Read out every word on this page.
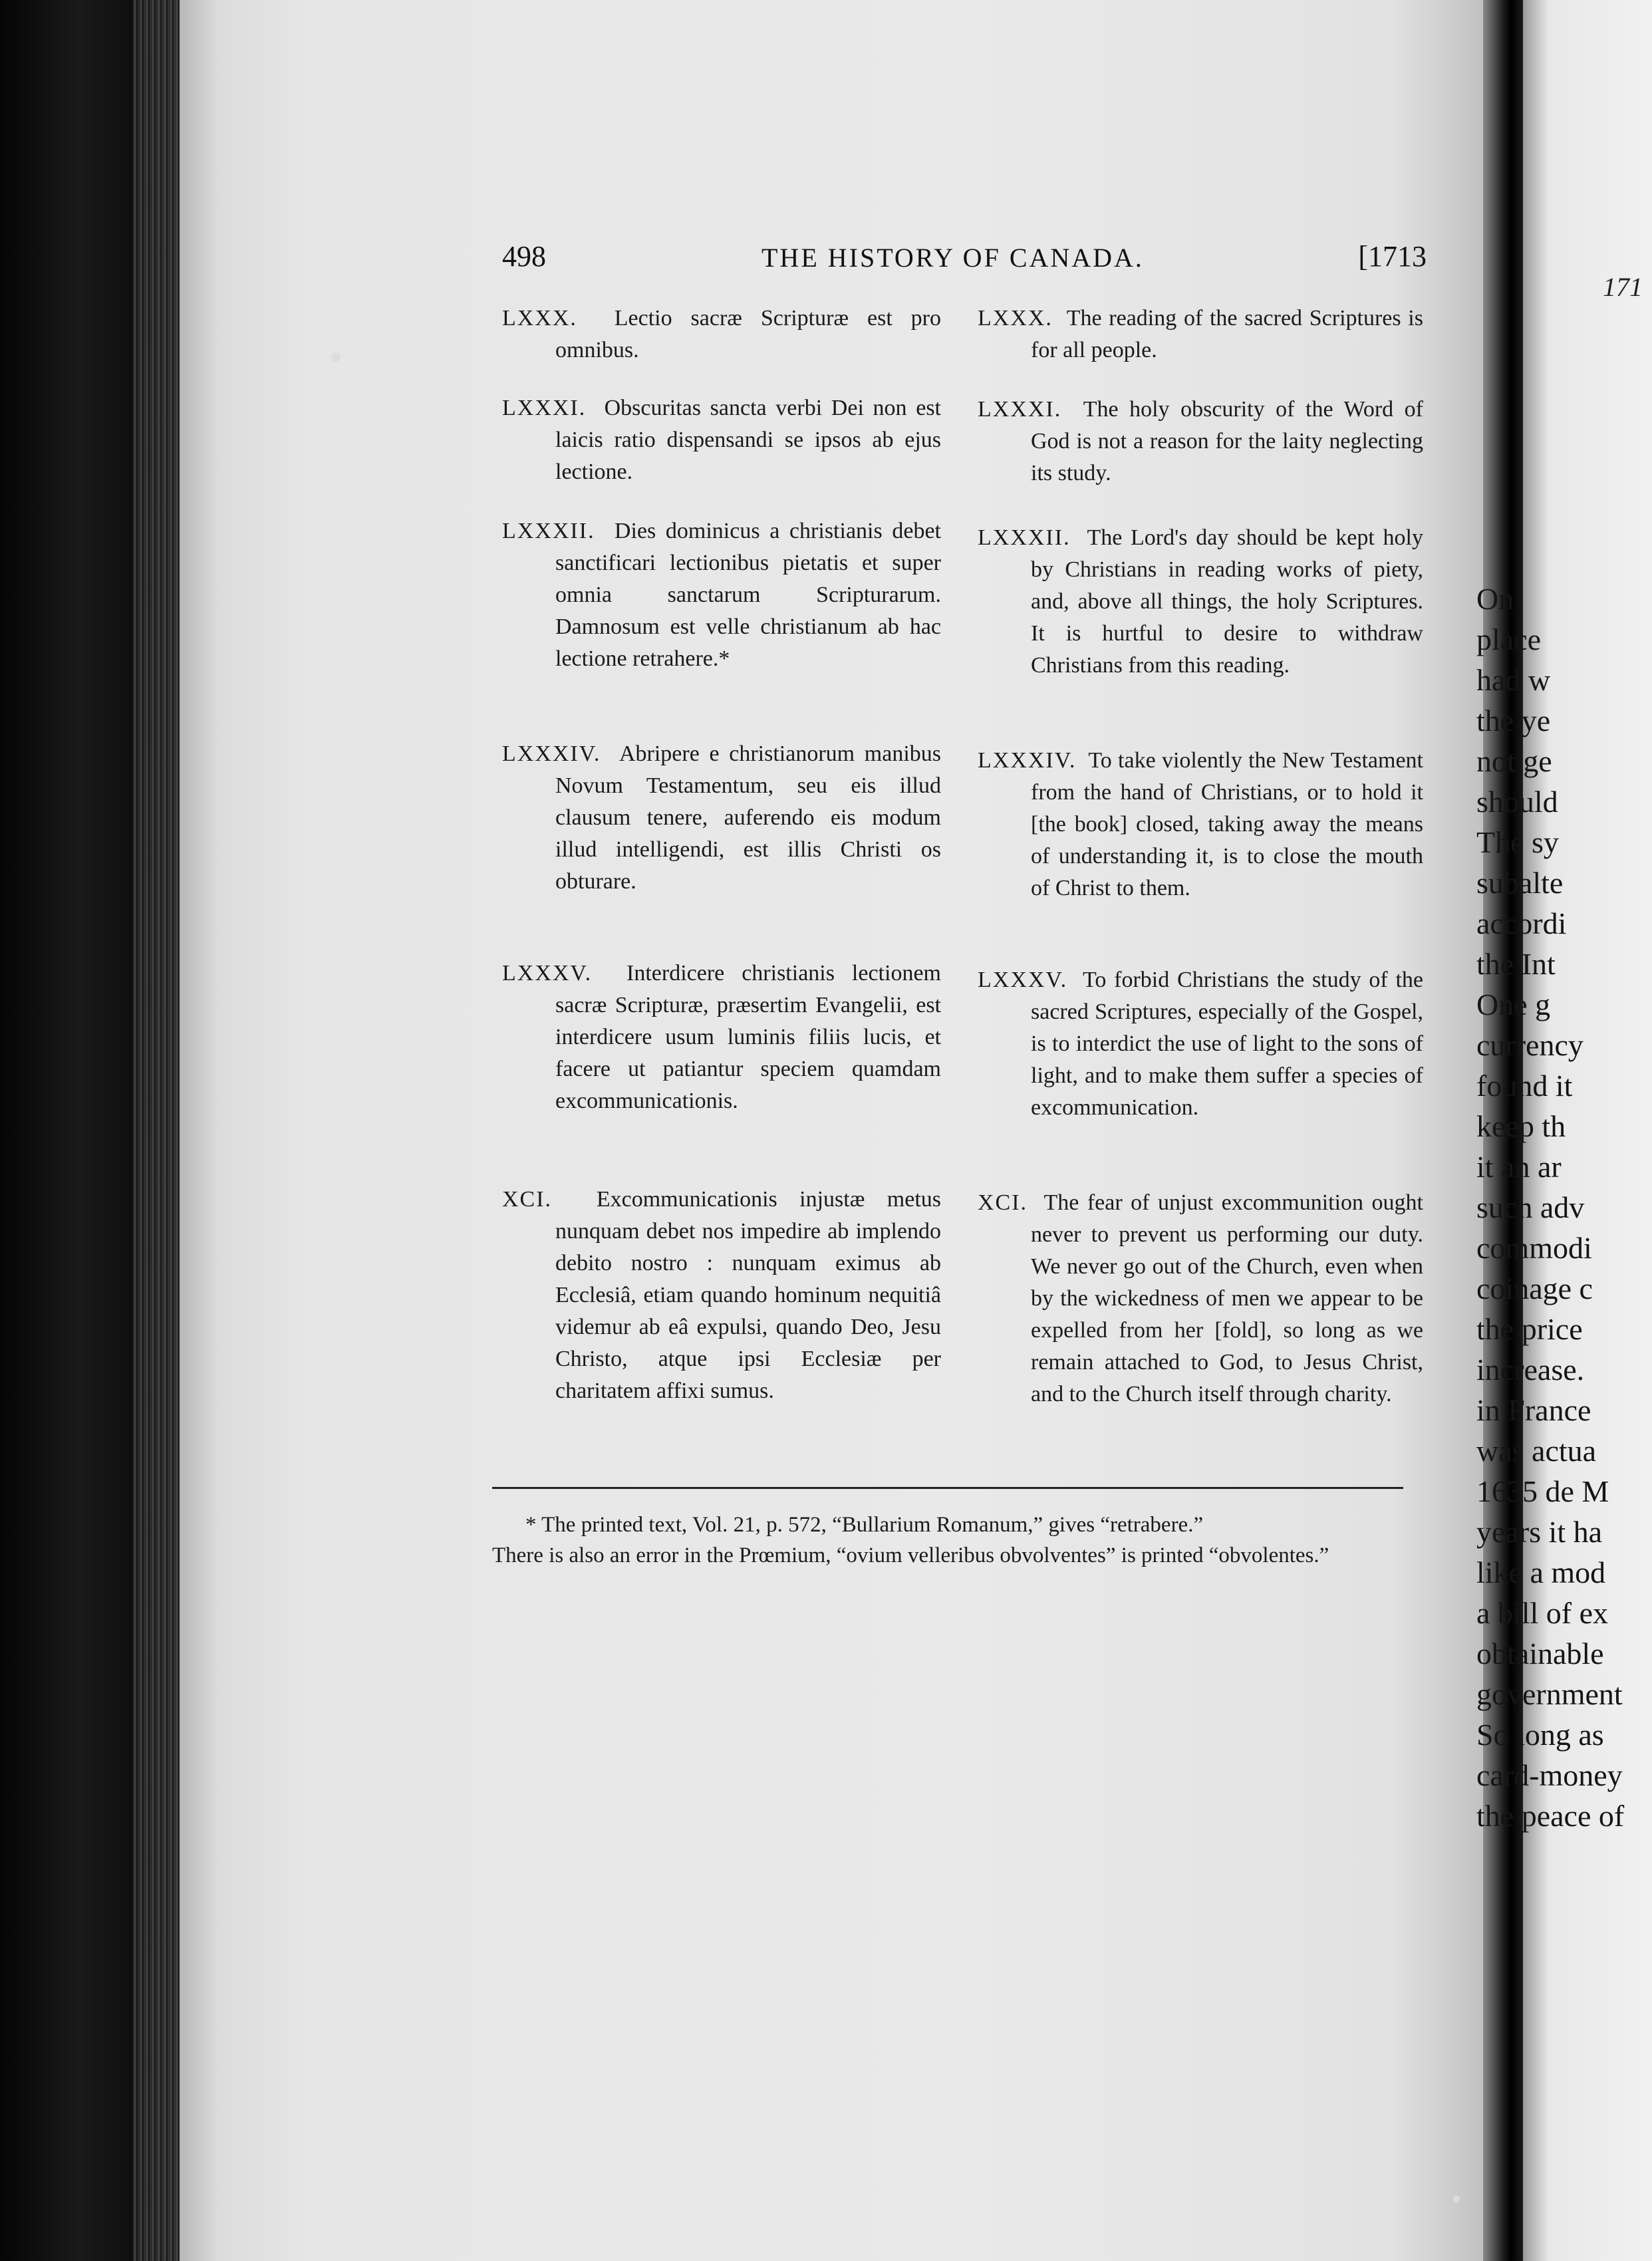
498	THE HISTORY OF CANADA.	[1713

LXXX. Lectio sacræ Scripturæ est pro omnibus.

LXXX. The reading of the sacred Scriptures is for all people.

LXXXI. Obscuritas sancta verbi Dei non est laicis ratio dispensandi se ipsos ab ejus lectione.

LXXXI. The holy obscurity of the Word of God is not a reason for the laity neglecting its study.

LXXXII. Dies dominicus a christianis debet sanctificari lectionibus pietatis et super omnia sanctarum Scripturarum. Damnosum est velle christianum ab hac lectione retrahere.*

LXXXII. The Lord's day should be kept holy by Christians in reading works of piety, and, above all things, the holy Scriptures. It is hurtful to desire to withdraw Christians from this reading.

LXXXIV. Abripere e christianorum manibus Novum Testamentum, seu eis illud clausum tenere, auferendo eis modum illud intelligendi, est illis Christi os obturare.

LXXXIV. To take violently the New Testament from the hand of Christians, or to hold it [the book] closed, taking away the means of understanding it, is to close the mouth of Christ to them.

LXXXV. Interdicere christianis lectionem sacræ Scripturæ, præsertim Evangelii, est interdicere usum luminis filiis lucis, et facere ut patiantur speciem quamdam excommunicationis.

LXXXV. To forbid Christians the study of the sacred Scriptures, especially of the Gospel, is to interdict the use of light to the sons of light, and to make them suffer a species of excommunication.

XCI. Excommunicationis injustæ metus nunquam debet nos impedire ab implendo debito nostro : nunquam eximus ab Ecclesiâ, etiam quando hominum nequitiâ videmur ab eâ expulsi, quando Deo, Jesu Christo, atque ipsi Ecclesiæ per charitatem affixi sumus.

XCI. The fear of unjust excommunition ought never to prevent us performing our duty. We never go out of the Church, even when by the wickedness of men we appear to be expelled from her [fold], so long as we remain attached to God, to Jesus Christ, and to the Church itself through charity.

* The printed text, Vol. 21, p. 572, “Bullarium Romanum,” gives “retrabere.”
There is also an error in the Prœmium, “ovium velleribus obvolventes” is printed “obvolentes.”
171
On
place
had w
the ye
not ge
should
The sy
subalte
accordi
the Int
One g
currency
found it
keep th
it an ar
such adv
commodi
coinage c
the price
increase.
in France
was actua
1635 de M
years it ha
like a mod
a bill of ex
obtainable
government
So long as
card-money
the peace of
